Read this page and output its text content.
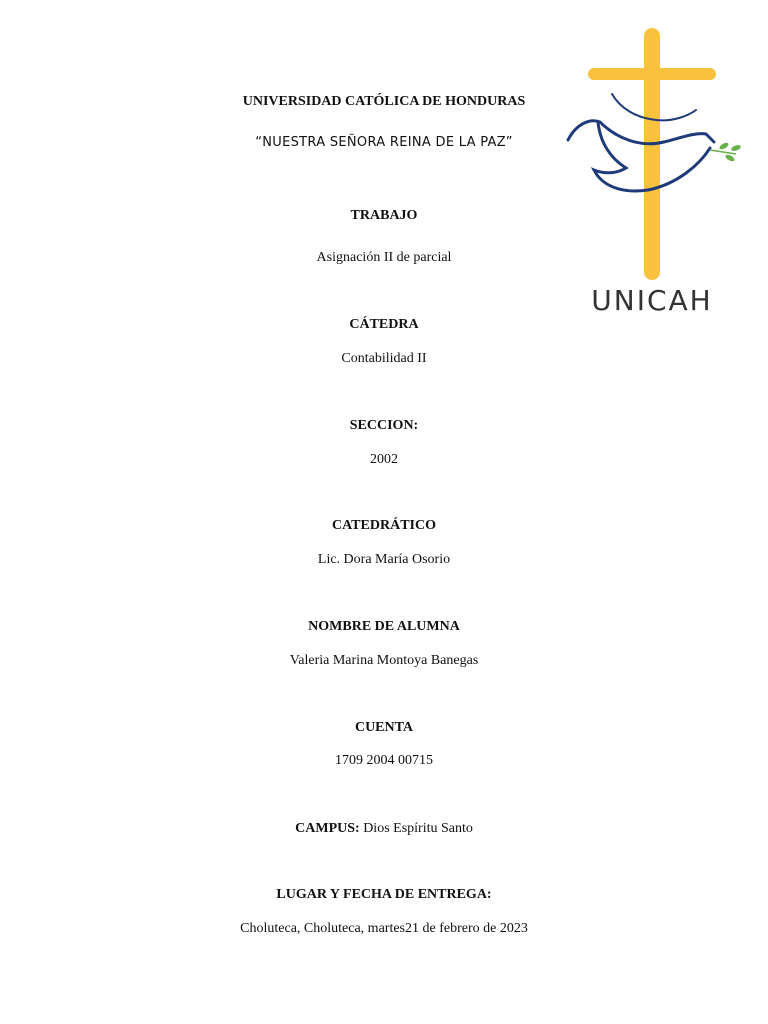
UNIVERSIDAD CATÓLICA DE HONDURAS
“NUESTRA SEÑORA REINA DE LA PAZ”
UNICAH
TRABAJO
Asignación II de parcial
CÁTEDRA
Contabilidad II
SECCION:
2002
CATEDRÁTICO
Lic. Dora María Osorio
NOMBRE DE ALUMNA
Valeria Marina Montoya Banegas
CUENTA
1709 2004 00715
CAMPUS: Dios Espíritu Santo
LUGAR Y FECHA DE ENTREGA:
Choluteca, Choluteca, martes21 de febrero de 2023
